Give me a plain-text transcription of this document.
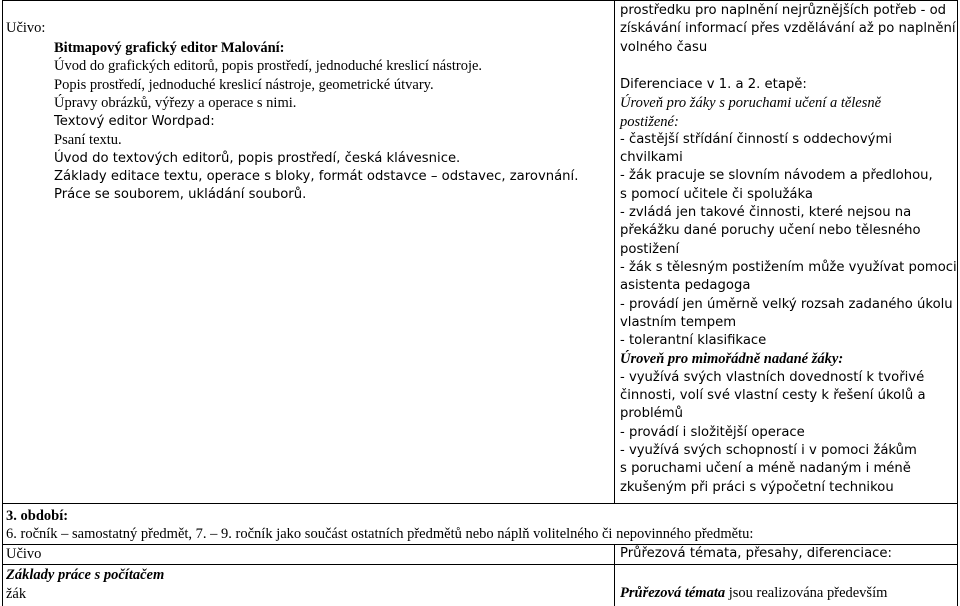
Učivo:
Bitmapový grafický editor Malování:
Úvod do grafických editorů, popis prostředí, jednoduché kreslicí nástroje.
Popis prostředí, jednoduché kreslicí nástroje, geometrické útvary.
Úpravy obrázků, výřezy a operace s nimi.
Textový editor Wordpad:
Psaní textu.
Úvod do textových editorů, popis prostředí, česká klávesnice.
Základy editace textu, operace s bloky, formát odstavce – odstavec, zarovnání.
Práce se souborem, ukládání souborů.
prostředku pro naplnění nejrůznějších potřeb - od
získávání informací přes vzdělávání až po naplnění
volného času
Diferenciace v 1. a 2. etapě:
Úroveň pro žáky s poruchami učení a tělesně
postižené:
- častější střídání činností s oddechovými
chvilkami
- žák pracuje se slovním návodem a předlohou,
s pomocí učitele či spolužáka
- zvládá jen takové činnosti, které nejsou na
překážku dané poruchy učení nebo tělesného
postižení
- žák s tělesným postižením může využívat pomoci
asistenta pedagoga
- provádí jen úměrně velký rozsah zadaného úkolu
vlastním tempem
- tolerantní klasifikace
Úroveň pro mimořádně nadané žáky:
- využívá svých vlastních dovedností k tvořivé
činnosti, volí své vlastní cesty k řešení úkolů a
problémů
- provádí i složitější operace
- využívá svých schopností i v pomoci žákům
s poruchami učení a méně nadaným i méně
zkušeným při práci s výpočetní technikou
3. období:
6. ročník – samostatný předmět, 7. – 9. ročník jako součást ostatních předmětů nebo náplň volitelného či nepovinného předmětu:
Učivo
Základy práce s počítačem
žák
Průřezová témata, přesahy, diferenciace:
Průřezová témata jsou realizována především
